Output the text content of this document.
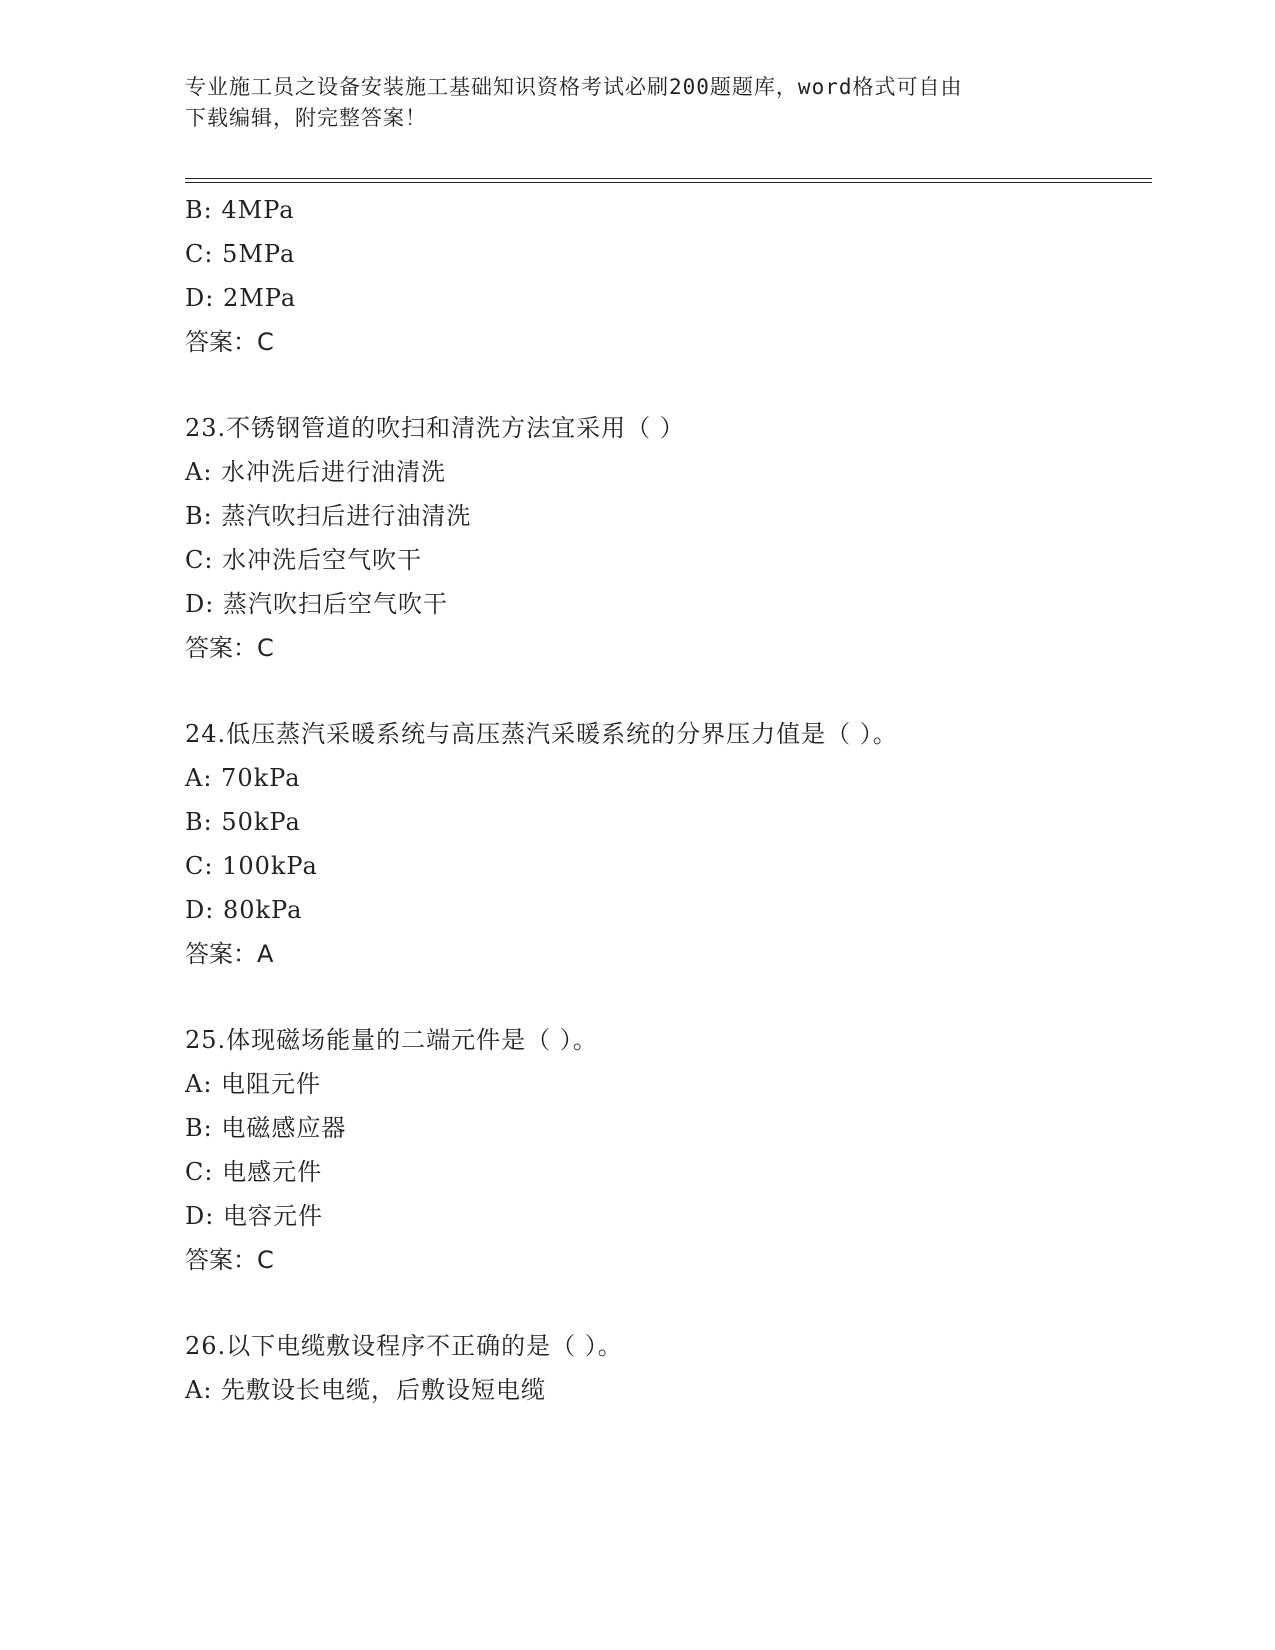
专业施工员之设备安装施工基础知识资格考试必刷200题题库，word格式可自由
下载编辑，附完整答案！
B: 4MPa
C: 5MPa
D: 2MPa
答案：C
23.不锈钢管道的吹扫和清洗方法宜采用（ ）
A: 水冲洗后进行油清洗
B: 蒸汽吹扫后进行油清洗
C: 水冲洗后空气吹干
D: 蒸汽吹扫后空气吹干
答案：C
24.低压蒸汽采暖系统与高压蒸汽采暖系统的分界压力值是（ ）。
A: 70kPa
B: 50kPa
C: 100kPa
D: 80kPa
答案：A
25.体现磁场能量的二端元件是（ ）。
A: 电阻元件
B: 电磁感应器
C: 电感元件
D: 电容元件
答案：C
26.以下电缆敷设程序不正确的是（ ）。
A: 先敷设长电缆，后敷设短电缆
